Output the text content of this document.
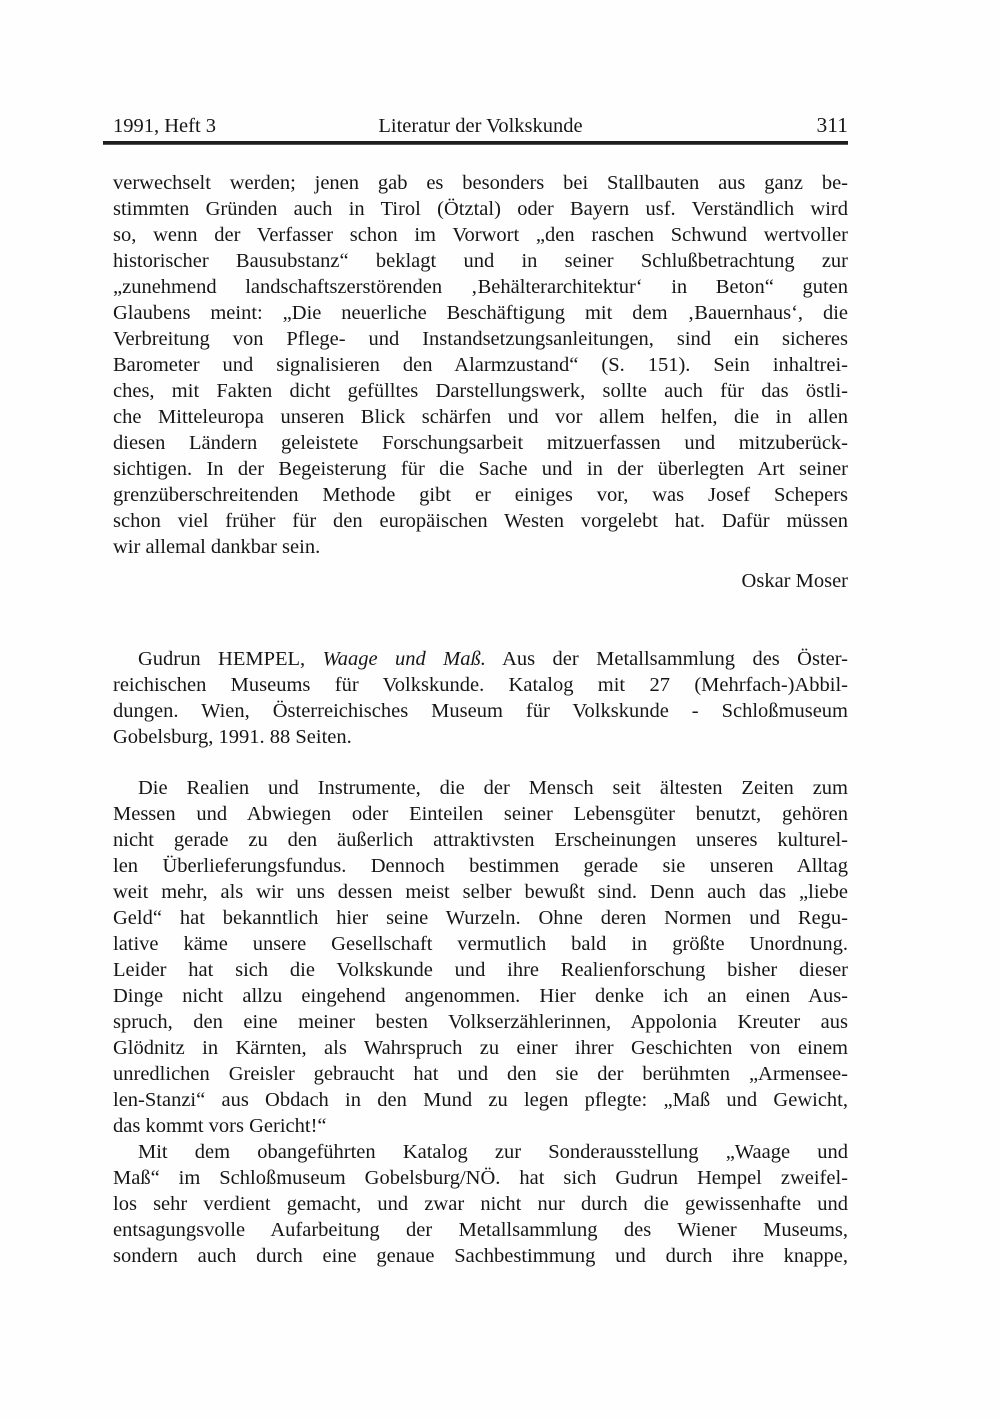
1991, Heft 3	Literatur der Volkskunde	311
verwechselt werden; jenen gab es besonders bei Stallbauten aus ganz be-
stimmten Gründen auch in Tirol (Ötztal) oder Bayern usf. Verständlich wird
so, wenn der Verfasser schon im Vorwort „den raschen Schwund wertvoller
historischer Bausubstanz“ beklagt und in seiner Schlußbetrachtung zur
„zunehmend landschaftszerstörenden ‚Behälterarchitektur‘ in Beton“ guten
Glaubens meint: „Die neuerliche Beschäftigung mit dem ‚Bauernhaus‘, die
Verbreitung von Pflege- und Instandsetzungsanleitungen, sind ein sicheres
Barometer und signalisieren den Alarmzustand“ (S. 151). Sein inhaltrei-
ches, mit Fakten dicht gefülltes Darstellungswerk, sollte auch für das östli-
che Mitteleuropa unseren Blick schärfen und vor allem helfen, die in allen
diesen Ländern geleistete Forschungsarbeit mitzuerfassen und mitzuberück-
sichtigen. In der Begeisterung für die Sache und in der überlegten Art seiner
grenzüberschreitenden Methode gibt er einiges vor, was Josef Schepers
schon viel früher für den europäischen Westen vorgelebt hat. Dafür müssen
wir allemal dankbar sein.
Oskar Moser
Gudrun HEMPEL, Waage und Maß. Aus der Metallsammlung des Öster-
reichischen Museums für Volkskunde. Katalog mit 27 (Mehrfach-)Abbil-
dungen. Wien, Österreichisches Museum für Volkskunde - Schloßmuseum
Gobelsburg, 1991. 88 Seiten.
Die Realien und Instrumente, die der Mensch seit ältesten Zeiten zum
Messen und Abwiegen oder Einteilen seiner Lebensgüter benutzt, gehören
nicht gerade zu den äußerlich attraktivsten Erscheinungen unseres kulturel-
len Überlieferungsfundus. Dennoch bestimmen gerade sie unseren Alltag
weit mehr, als wir uns dessen meist selber bewußt sind. Denn auch das „liebe
Geld“ hat bekanntlich hier seine Wurzeln. Ohne deren Normen und Regu-
lative käme unsere Gesellschaft vermutlich bald in größte Unordnung.
Leider hat sich die Volkskunde und ihre Realienforschung bisher dieser
Dinge nicht allzu eingehend angenommen. Hier denke ich an einen Aus-
spruch, den eine meiner besten Volkserzählerinnen, Appolonia Kreuter aus
Glödnitz in Kärnten, als Wahrspruch zu einer ihrer Geschichten von einem
unredlichen Greisler gebraucht hat und den sie der berühmten „Armensee-
len-Stanzi“ aus Obdach in den Mund zu legen pflegte: „Maß und Gewicht,
das kommt vors Gericht!“
Mit dem obangeführten Katalog zur Sonderausstellung „Waage und
Maß“ im Schloßmuseum Gobelsburg/NÖ. hat sich Gudrun Hempel zweifel-
los sehr verdient gemacht, und zwar nicht nur durch die gewissenhafte und
entsagungsvolle Aufarbeitung der Metallsammlung des Wiener Museums,
sondern auch durch eine genaue Sachbestimmung und durch ihre knappe,
